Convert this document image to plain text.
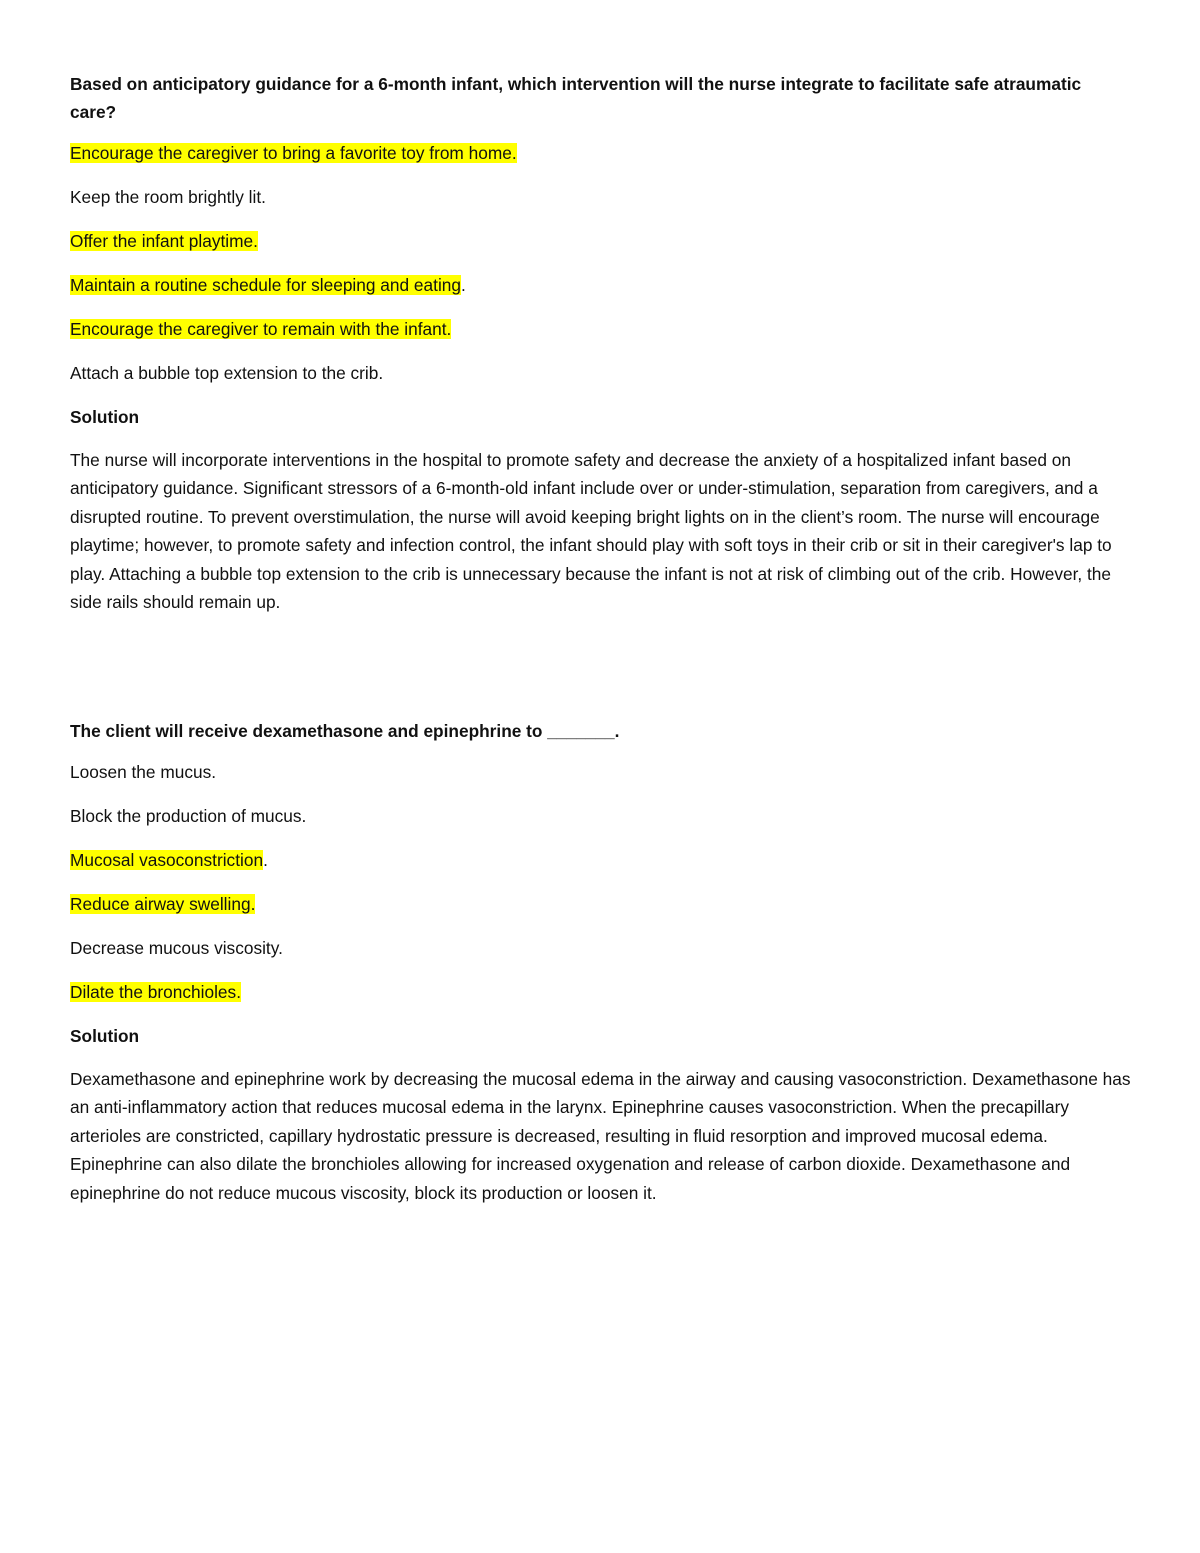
Based on anticipatory guidance for a 6-month infant, which intervention will the nurse integrate to facilitate safe atraumatic care?

Encourage the caregiver to bring a favorite toy from home.
Keep the room brightly lit.
Offer the infant playtime.
Maintain a routine schedule for sleeping and eating.
Encourage the caregiver to remain with the infant.
Attach a bubble top extension to the crib.
Solution

The nurse will incorporate interventions in the hospital to promote safety and decrease the anxiety of a hospitalized infant based on anticipatory guidance. Significant stressors of a 6-month-old infant include over or under-stimulation, separation from caregivers, and a disrupted routine. To prevent overstimulation, the nurse will avoid keeping bright lights on in the client’s room. The nurse will encourage playtime; however, to promote safety and infection control, the infant should play with soft toys in their crib or sit in their caregiver's lap to play. Attaching a bubble top extension to the crib is unnecessary because the infant is not at risk of climbing out of the crib. However, the side rails should remain up.

The client will receive dexamethasone and epinephrine to _______.

Loosen the mucus.
Block the production of mucus.
Mucosal vasoconstriction.
Reduce airway swelling.
Decrease mucous viscosity.
Dilate the bronchioles.
Solution

Dexamethasone and epinephrine work by decreasing the mucosal edema in the airway and causing vasoconstriction. Dexamethasone has an anti-inflammatory action that reduces mucosal edema in the larynx. Epinephrine causes vasoconstriction. When the precapillary arterioles are constricted, capillary hydrostatic pressure is decreased, resulting in fluid resorption and improved mucosal edema. Epinephrine can also dilate the bronchioles allowing for increased oxygenation and release of carbon dioxide. Dexamethasone and epinephrine do not reduce mucous viscosity, block its production or loosen it.
